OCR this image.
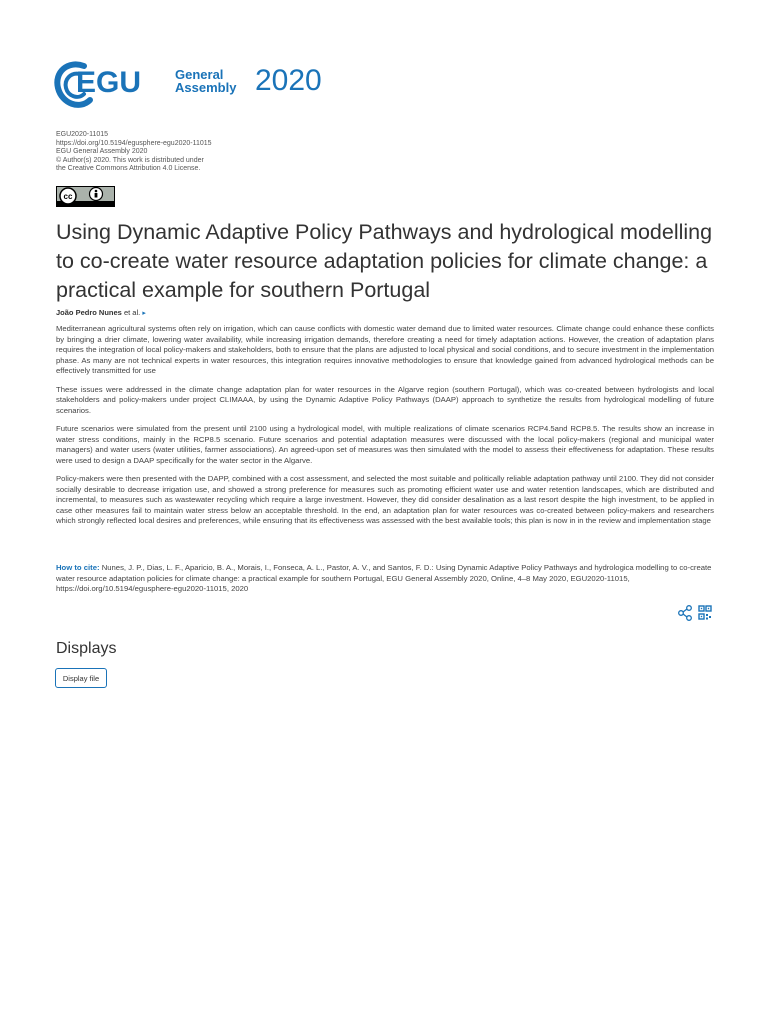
EGU	General
Assembly 2020
EGU2020-11015
https://doi.org/10.5194/egusphere-egu2020-11015
EGU General Assembly 2020
© Author(s) 2020. This work is distributed under
the Creative Commons Attribution 4.0 License.
cc
Using Dynamic Adaptive Policy Pathways and hydrological modelling to co-create water resource adaptation policies for climate change: a practical example for southern Portugal
João Pedro Nunes et al. ▸

Mediterranean agricultural systems often rely on irrigation, which can cause conflicts with domestic water demand due to limited water resources. Climate change could enhance these conflicts by bringing a drier climate, lowering water availability, while increasing irrigation demands, therefore creating a need for timely adaptation actions. However, the creation of adaptation plans requires the integration of local policy-makers and stakeholders, both to ensure that the plans are adjusted to local physical and social conditions, and to secure investment in the implementation phase. As many are not technical experts in water resources, this integration requires innovative methodologies to ensure that knowledge gained from advanced hydrological methods can be effectively transmitted for use

These issues were addressed in the climate change adaptation plan for water resources in the Algarve region (southern Portugal), which was co-created between hydrologists and local stakeholders and policy-makers under project CLIMAAA, by using the Dynamic Adaptive Policy Pathways (DAAP) approach to synthetize the results from hydrological modelling of future scenarios.

Future scenarios were simulated from the present until 2100 using a hydrological model, with multiple realizations of climate scenarios RCP4.5and RCP8.5. The results show an increase in water stress conditions, mainly in the RCP8.5 scenario. Future scenarios and potential adaptation measures were discussed with the local policy-makers (regional and municipal water managers) and water users (water utilities, farmer associations). An agreed-upon set of measures was then simulated with the model to assess their effectiveness for adaptation. These results were used to design a DAAP specifically for the water sector in the Algarve.

Policy-makers were then presented with the DAPP, combined with a cost assessment, and selected the most suitable and politically reliable adaptation pathway until 2100. They did not consider socially desirable to decrease irrigation use, and showed a strong preference for measures such as promoting efficient water use and water retention landscapes, which are distributed and incremental, to measures such as wastewater recycling which require a large investment. However, they did consider desalination as a last resort despite the high investment, to be applied in case other measures fail to maintain water stress below an acceptable threshold. In the end, an adaptation plan for water resources was co-created between policy-makers and researchers which strongly reflected local desires and preferences, while ensuring that its effectiveness was assessed with the best available tools; this plan is now in in the review and implementation stage

How to cite: Nunes, J. P., Dias, L. F., Aparicio, B. A., Morais, I., Fonseca, A. L., Pastor, A. V., and Santos, F. D.: Using Dynamic Adaptive Policy Pathways and hydrologica modelling to co-create water resource adaptation policies for climate change: a practical example for southern Portugal, EGU General Assembly 2020, Online, 4–8 May 2020, EGU2020-11015, https://doi.org/10.5194/egusphere-egu2020-11015, 2020
Displays
Display file
